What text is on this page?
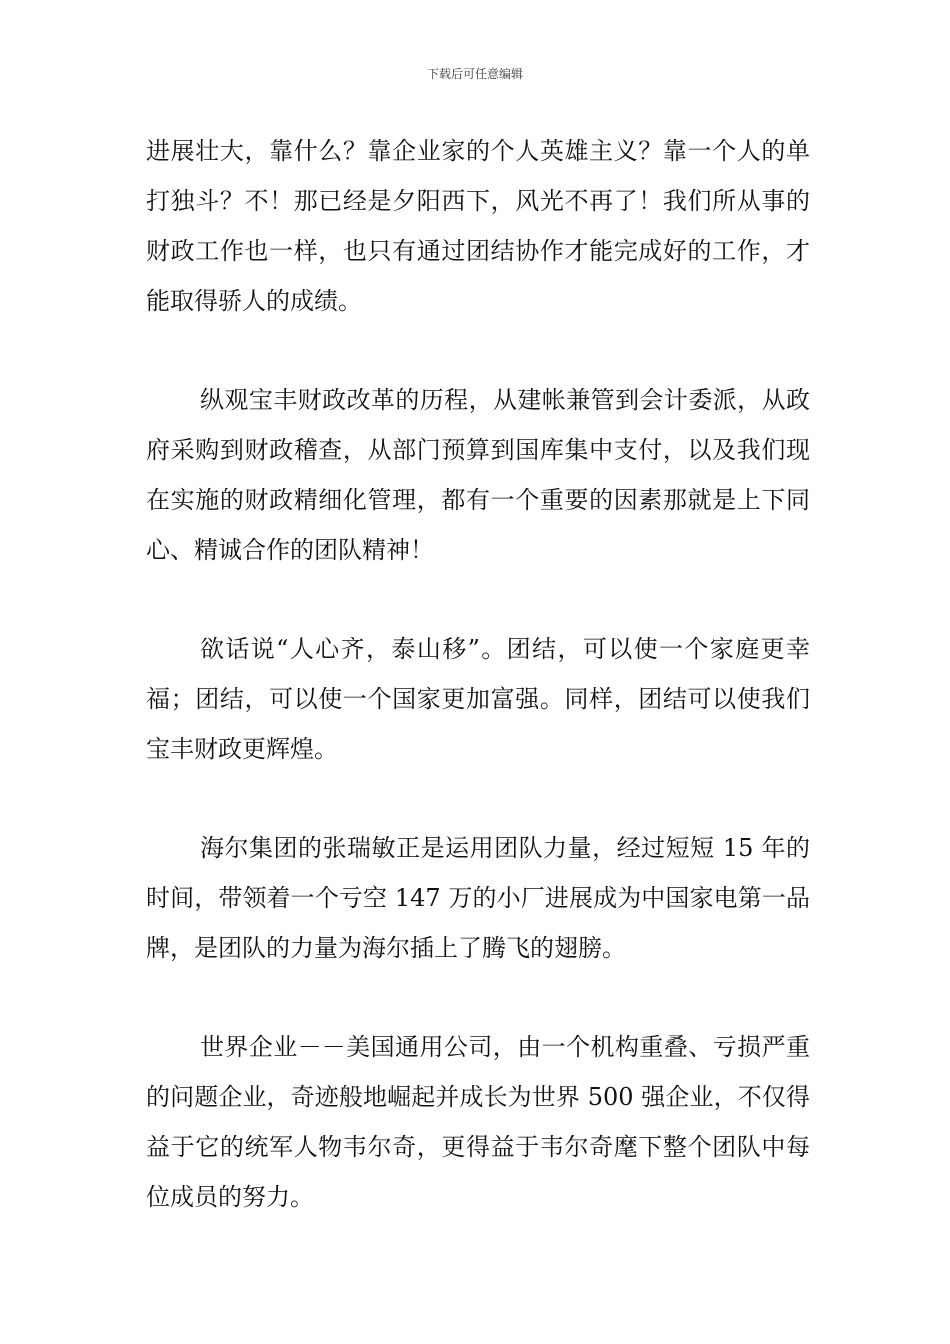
下载后可任意编辑

进展壮大，靠什么？靠企业家的个人英雄主义？靠一个人的单打独斗？不！那已经是夕阳西下，风光不再了！我们所从事的财政工作也一样，也只有通过团结协作才能完成好的工作，才能取得骄人的成绩。

纵观宝丰财政改革的历程，从建帐兼管到会计委派，从政府采购到财政稽查，从部门预算到国库集中支付，以及我们现在实施的财政精细化管理，都有一个重要的因素那就是上下同心、精诚合作的团队精神！

欲话说“人心齐，泰山移”。团结，可以使一个家庭更幸福；团结，可以使一个国家更加富强。同样，团结可以使我们宝丰财政更辉煌。

海尔集团的张瑞敏正是运用团队力量，经过短短 15 年的时间，带领着一个亏空 147 万的小厂进展成为中国家电第一品牌，是团队的力量为海尔插上了腾飞的翅膀。

世界企业－－美国通用公司，由一个机构重叠、亏损严重的问题企业，奇迹般地崛起并成长为世界 500 强企业，不仅得益于它的统军人物韦尔奇，更得益于韦尔奇麾下整个团队中每位成员的努力。
